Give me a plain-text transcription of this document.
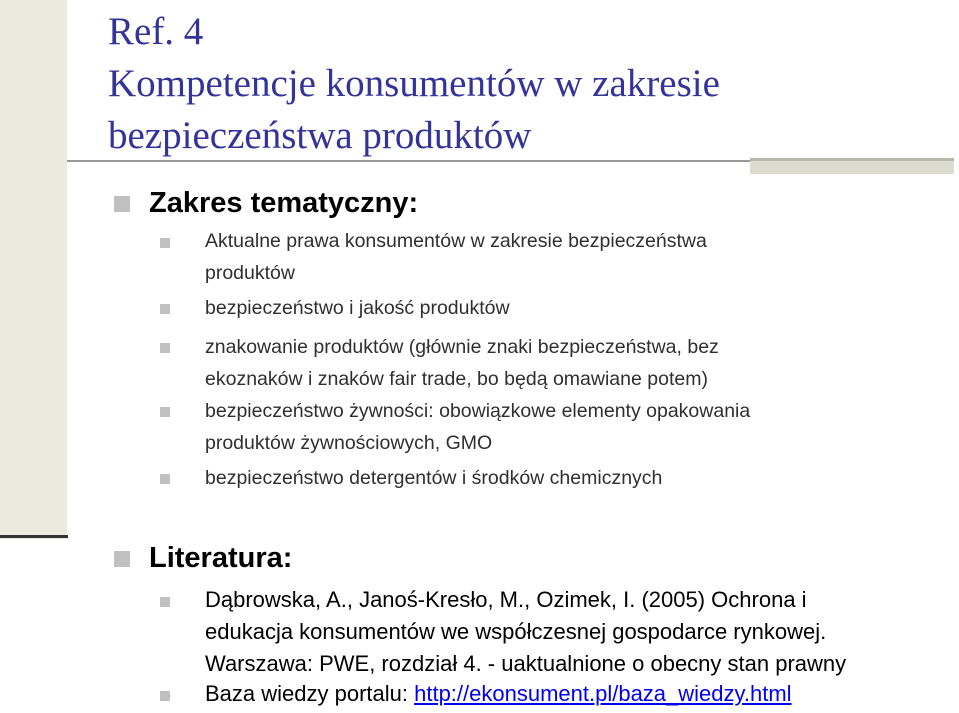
Ref. 4
Kompetencje konsumentów w zakresie
bezpieczeństwa produktów
Zakres tematyczny:
Aktualne prawa konsumentów w zakresie bezpieczeństwa
produktów
bezpieczeństwo i jakość produktów
znakowanie produktów (głównie znaki bezpieczeństwa, bez
ekoznaków i znaków fair trade, bo będą omawiane potem)
bezpieczeństwo żywności: obowiązkowe elementy opakowania
produktów żywnościowych, GMO
bezpieczeństwo detergentów i środków chemicznych
Literatura:
Dąbrowska, A., Janoś-Kresło, M., Ozimek, I. (2005) Ochrona i
edukacja konsumentów we współczesnej gospodarce rynkowej.
Warszawa: PWE, rozdział 4. - uaktualnione o obecny stan prawny
Baza wiedzy portalu: http://ekonsument.pl/baza_wiedzy.html
